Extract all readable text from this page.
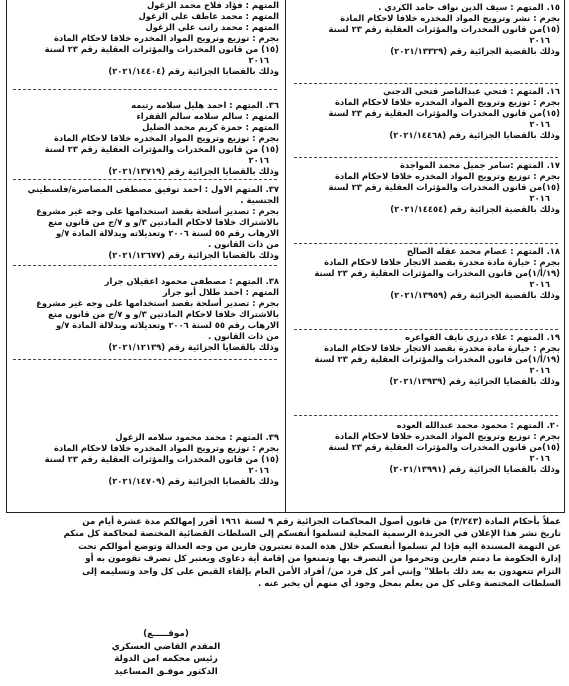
١٥. المتهم : سيف الدين نواف حامد الكردي .

بجرم : نشر وترويج المواد المخدره خلافا لاحكام المادة

(١٥)من قانون المخدرات والمؤثرات العقلية رقم ٢٣ لسنة

٢٠١٦

وذلك بالقضية الجزائية رقم (٢٠٢١/١٣٣٢٩)

١٦. المتهم : فتحي عبدالناصر فتحي الدجني

بجرم : توزيع وترويج المواد المخدره خلافا لاحكام المادة

(١٥)من قانون المخدرات والمؤثرات العقلية رقم ٢٣ لسنة

٢٠١٦

وذلك بالقضايا الجزائية رقم (٢٠٢١/١٤٤٦٨)

١٧. المتهم :سامر جميل محمد المواجدة

بجرم : توزيع وترويج المواد المخدره خلافا لاحكام المادة

(١٥)من قانون المخدرات والمؤثرات العقلية رقم ٢٣ لسنة

٢٠١٦

وذلك بالقضية الجزائية رقم (٢٠٢١/١٤٤٥٤)

١٨. المتهم : عصام محمد عقله الصالح

بجرم : حيازة مادة مخدرة بقصد الاتجار خلافا لاحكام المادة

(١٩/أ/١)من قانون المخدرات والمؤثرات العقلية رقم ٢٣ لسنة

٢٠١٦

وذلك بالقضية الجزائية رقم (٢٠٢١/١٣٩٥٩)

١٩. المتهم : علاء درزي نايف الفواعره

بجرم : حيازة مادة مخدرة بقصد الاتجار خلافا لاحكام المادة

(١٩/أ/١)من قانون المخدرات والمؤثرات العقلية رقم ٢٣ لسنة

٢٠١٦

وذلك بالقضايا الجزائية رقم (٢٠٢١/١٣٩٣٩)

٢٠. المتهم : محمود محمد عبدالله العوده

بجرم : توزيع وترويج المواد المخدره خلافا لاحكام المادة

(١٥)من قانون المخدرات والمؤثرات العقلية رقم ٢٣ لسنة

٢٠١٦

وذلك بالقضايا الجزائية رقم (٢٠٢١/١٣٩٩١)

المتهم : فؤاد فلاح محمد الزغول

المتهم : محمد عاطف علي الزغول

المتهم : محمد راتب علي الزغول

بجرم : توزيع وترويج المواد المخدره خلافا لاحكام المادة

(١٥) من قانون المخدرات والمؤثرات العقلية رقم ٢٣ لسنة

٢٠١٦

وذلك بالقضايا الجزائية رقم (٢٠٢١/١٤٤٠٤)

٣٦. المتهم : احمد هليل سلامه رتيمه

المتهم : سالم سلامه سالم القفراء

المتهم : حمزة كريم محمد الضليل

بجرم : توزيع وترويج المواد المخدره خلافا لاحكام المادة

(١٥) من قانون المخدرات والمؤثرات العقلية رقم ٢٣ لسنة

٢٠١٦

وذلك بالقضايا الجزائية رقم (٢٠٢١/١٣٧١٩)

٣٧. المتهم الاول : احمد توفيق مصطفى المصاصرة/فلسطيني

الجنسية .

بجرم : تصدير أسلحة بقصد استخدامها على وجه غير مشروع

بالاشتراك خلافا لاحكام المادتين ٣/و و ٧/ج من قانون منع

الارهاب رقم ٥٥ لسنة ٢٠٠٦ وتعديلاته وبدلالة المادة ٧/و

من ذات القانون .

وذلك بالقضايا الجزائية رقم (٢٠٢١/١٢٦٧٧)

٣٨. المتهم : مصطفى محمود اعقيلان جرار

المتهم : احمد طلال أبو جرار

بجرم : تصدير أسلحة بقصد استخدامها على وجه غير مشروع

بالاشتراك خلافا لاحكام المادتين ٣/و و ٧/ج من قانون منع

الارهاب رقم ٥٥ لسنة ٢٠٠٦ وتعديلاته وبدلالة المادة ٧/و

من ذات القانون .

وذلك بالقضايا الجزائية رقم (٢٠٢١/١٢١٣٩)

٣٩. المتهم : محمد محمود سلامه الزغول

بجرم : توزيع وترويج المواد المخدره خلافا لاحكام المادة

(١٥) من قانون المخدرات والمؤثرات العقلية رقم ٢٣ لسنة

٢٠١٦

وذلك بالقضايا الجزائية رقم (٢٠٢١/١٤٧٠٩)

عملاً بأحكام المادة (٣/٢٤٣) من قانون أصول المحاكمات الجزائية رقم ٩ لسنة ١٩٦١ أقرر إمهالكم مدة عشرة أيام من

تاريخ نشر هذا الإعلان في الجريدة الرسمية المحلية لتسلموا أنفسكم إلى السلطات القضائية المختصة لمحاكمة كل منكم

عن التهمة المسندة اليه فإذا لم تسلموا أنفسكم خلال هذه المدة تعتبرون فارين من وجه العدالة وتوضع أموالكم تحت

إدارة الحكومة ما دمتم فارين وتحرموا من التصرف بها وتمنعوا من إقامة أية دعاوى ويعتبر كل تصرف تقومون به أو

التزام تتعهدون به بعد ذلك باطلا" وإنني أمر كل فرد من/ أفراد الأمن العام بإلقاء القبض على كل واحد وتسليمه إلى

السلطات المختصة وعلى كل من يعلم بمحل وجود أي منهم أن يخبر عنه .

(موقـــــع)
المقدم القاضي العسكري
رئيس محكمه امن الدولة
الدكتور موفـق المساعيد
